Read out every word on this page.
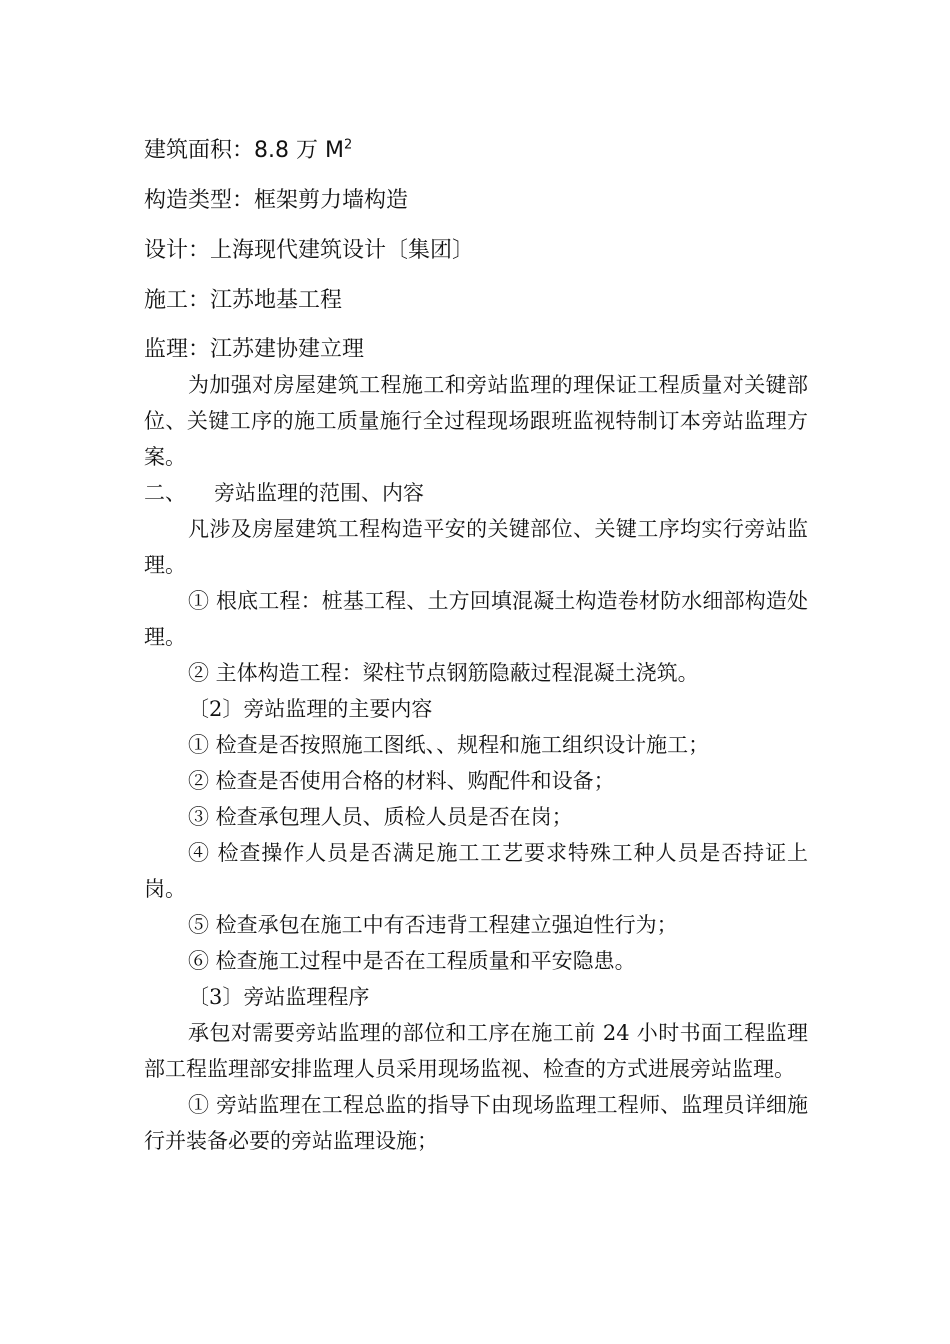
建筑面积：8.8 万 $M^2$
构造类型：框架剪力墙构造
设计：上海现代建筑设计〔集团〕
施工：江苏地基工程
监理：江苏建协建立理

为加强对房屋建筑工程施工和旁站监理的理保证工程质量对关键部位、关键工序的施工质量施行全过程现场跟班监视特制订本旁站监理方案。

二、 旁站监理的范围、内容

凡涉及房屋建筑工程构造平安的关键部位、关键工序均实行旁站监理。

① 根底工程：桩基工程、土方回填混凝土构造卷材防水细部构造处理。

② 主体构造工程：梁柱节点钢筋隐蔽过程混凝土浇筑。

〔2〕旁站监理的主要内容

① 检查是否按照施工图纸、、规程和施工组织设计施工；

② 检查是否使用合格的材料、购配件和设备；

③ 检查承包理人员、质检人员是否在岗；

④ 检查操作人员是否满足施工工艺要求特殊工种人员是否持证上岗。

⑤ 检查承包在施工中有否违背工程建立强迫性行为；

⑥ 检查施工过程中是否在工程质量和平安隐患。

〔3〕旁站监理程序

承包对需要旁站监理的部位和工序在施工前 24 小时书面工程监理部工程监理部安排监理人员采用现场监视、检查的方式进展旁站监理。

① 旁站监理在工程总监的指导下由现场监理工程师、监理员详细施行并装备必要的旁站监理设施；
